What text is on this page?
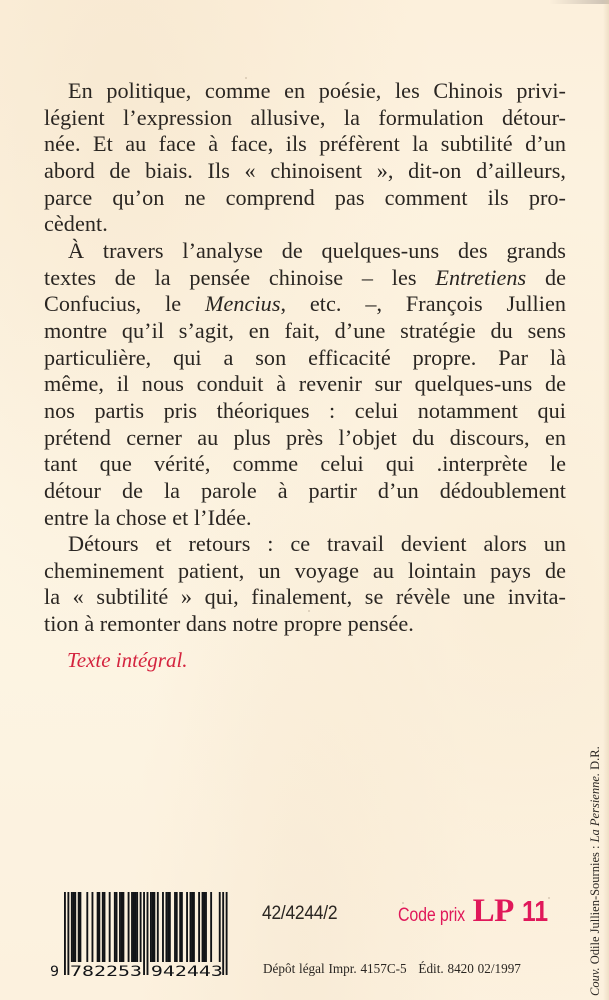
En politique, comme en poésie, les Chinois privi-
légient l’expression allusive, la formulation détour-
née. Et au face à face, ils préfèrent la subtilité d’un
abord de biais. Ils « chinoisent », dit-on d’ailleurs,
parce qu’on ne comprend pas comment ils pro-
cèdent.

À travers l’analyse de quelques-uns des grands
textes de la pensée chinoise – les Entretiens de
Confucius, le Mencius, etc. –, François Jullien
montre qu’il s’agit, en fait, d’une stratégie du sens
particulière, qui a son efficacité propre. Par là
même, il nous conduit à revenir sur quelques-uns de
nos partis pris théoriques : celui notamment qui
prétend cerner au plus près l’objet du discours, en
tant que vérité, comme celui qui .interprète le
détour de la parole à partir d’un dédoublement
entre la chose et l’Idée.

Détours et retours : ce travail devient alors un
cheminement patient, un voyage au lointain pays de
la « subtilité » qui, finalement, se révèle une invita-
tion à remonter dans notre propre pensée.

Texte intégral.
Couv. Odile Jullien-Sournies : La Persienne. D.R.
9 782253 942443
42/4244/2	Code prix LP 11
Dépôt légal Impr. 4157C-5 Édit. 8420 02/1997
